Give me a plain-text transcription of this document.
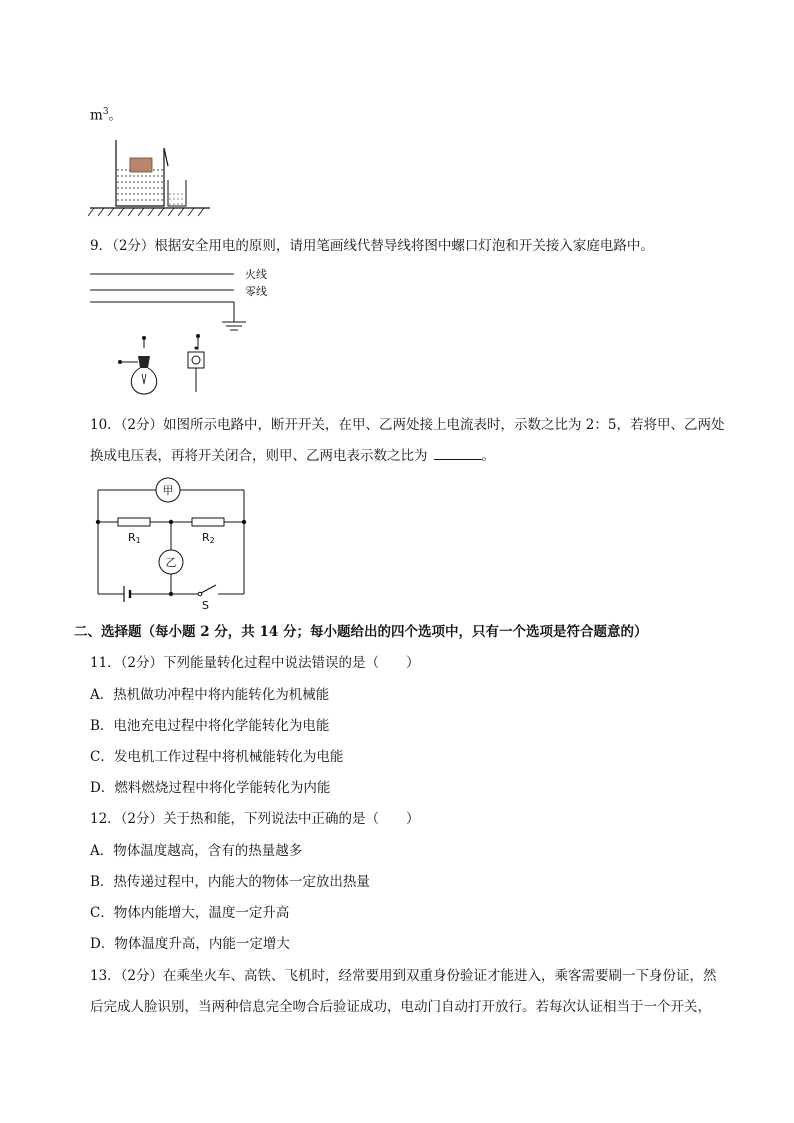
$m^3$。
9．（2分）根据安全用电的原则，请用笔画线代替导线将图中螺口灯泡和开关接入家庭电路中。
火线
零线
10．（2分）如图所示电路中，断开开关，在甲、乙两处接上电流表时，示数之比为 2：5，若将甲、乙两处
换成电压表，再将开关闭合，则甲、乙两电表示数之比为	。
甲
R1	R2
乙
S
二、选择题（每小题 2 分，共 14 分；每小题给出的四个选项中，只有一个选项是符合题意的）
11．（2分）下列能量转化过程中说法错误的是（　　）
A．热机做功冲程中将内能转化为机械能
B．电池充电过程中将化学能转化为电能
C．发电机工作过程中将机械能转化为电能
D．燃料燃烧过程中将化学能转化为内能
12．（2分）关于热和能，下列说法中正确的是（　　）
A．物体温度越高，含有的热量越多
B．热传递过程中，内能大的物体一定放出热量
C．物体内能增大，温度一定升高
D．物体温度升高，内能一定增大
13．（2分）在乘坐火车、高铁、飞机时，经常要用到双重身份验证才能进入，乘客需要刷一下身份证，然
后完成人脸识别，当两种信息完全吻合后验证成功，电动门自动打开放行。若每次认证相当于一个开关，
